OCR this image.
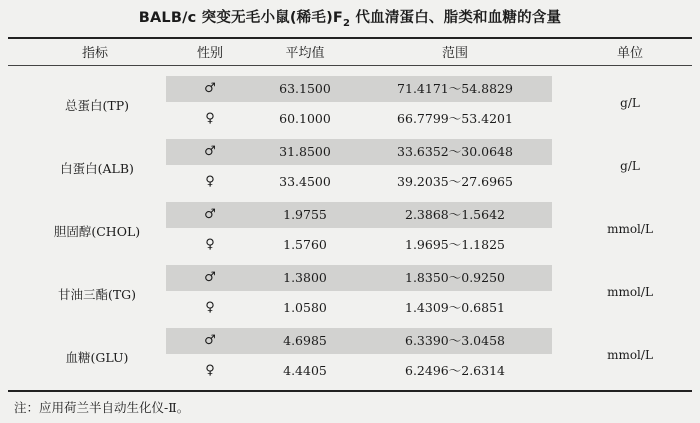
BALB/c 突变无毛小鼠(稀毛)$F_2$ 代血清蛋白、脂类和血糖的含量
指标	性别	平均值	范围	单位
总蛋白(TP)	g/L
♂	63.1500	71.4171～54.8829
♀	60.1000	66.7799～53.4201
白蛋白(ALB)	g/L
♂	31.8500	33.6352～30.0648
♀	33.4500	39.2035～27.6965
胆固醇(CHOL)	mmol/L
♂	1.9755	2.3868～1.5642
♀	1.5760	1.9695～1.1825
甘油三酯(TG)	mmol/L
♂	1.3800	1.8350～0.9250
♀	1.0580	1.4309～0.6851
血糖(GLU)	mmol/L
♂	4.6985	6.3390～3.0458
♀	4.4405	6.2496～2.6314
注：应用荷兰半自动生化仪-Ⅱ。
